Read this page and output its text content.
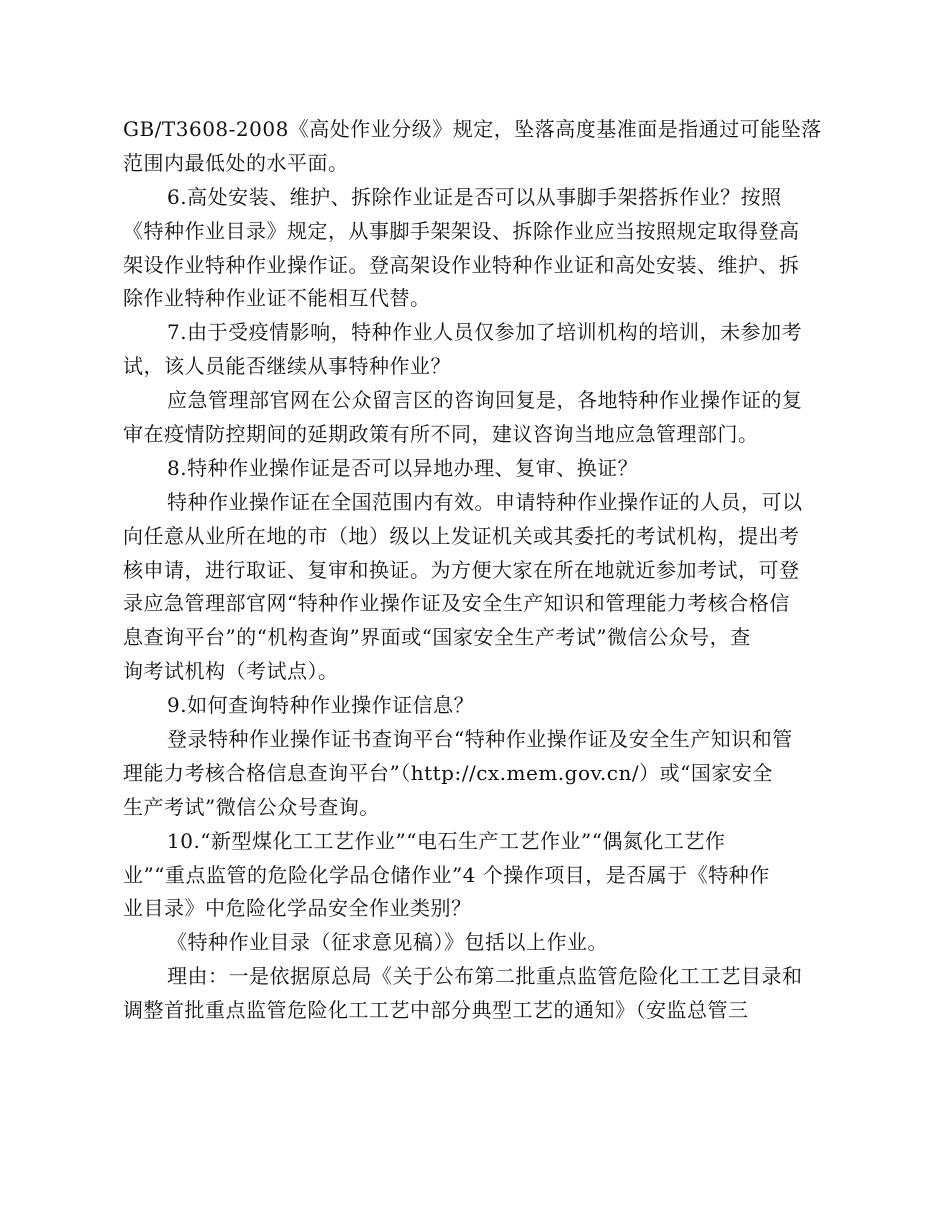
GB/T3608-2008《高处作业分级》规定，坠落高度基准面是指通过可能坠落
范围内最低处的水平面。
6.高处安装、维护、拆除作业证是否可以从事脚手架搭拆作业？按照
《特种作业目录》规定，从事脚手架架设、拆除作业应当按照规定取得登高
架设作业特种作业操作证。登高架设作业特种作业证和高处安装、维护、拆
除作业特种作业证不能相互代替。
7.由于受疫情影响，特种作业人员仅参加了培训机构的培训，未参加考
试，该人员能否继续从事特种作业？
应急管理部官网在公众留言区的咨询回复是，各地特种作业操作证的复
审在疫情防控期间的延期政策有所不同，建议咨询当地应急管理部门。
8.特种作业操作证是否可以异地办理、复审、换证？
特种作业操作证在全国范围内有效。申请特种作业操作证的人员，可以
向任意从业所在地的市（地）级以上发证机关或其委托的考试机构，提出考
核申请，进行取证、复审和换证。为方便大家在所在地就近参加考试，可登
录应急管理部官网“特种作业操作证及安全生产知识和管理能力考核合格信
息查询平台”的“机构查询”界面或“国家安全生产考试”微信公众号，查
询考试机构（考试点）。
9.如何查询特种作业操作证信息？
登录特种作业操作证书查询平台“特种作业操作证及安全生产知识和管
理能力考核合格信息查询平台”（http://cx.mem.gov.cn/）或“国家安全
生产考试”微信公众号查询。
10.“新型煤化工工艺作业”“电石生产工艺作业”“偶氮化工艺作
业”“重点监管的危险化学品仓储作业”4 个操作项目，是否属于《特种作
业目录》中危险化学品安全作业类别？
《特种作业目录（征求意见稿）》包括以上作业。
理由：一是依据原总局《关于公布第二批重点监管危险化工工艺目录和
调整首批重点监管危险化工工艺中部分典型工艺的通知》（安监总管三
